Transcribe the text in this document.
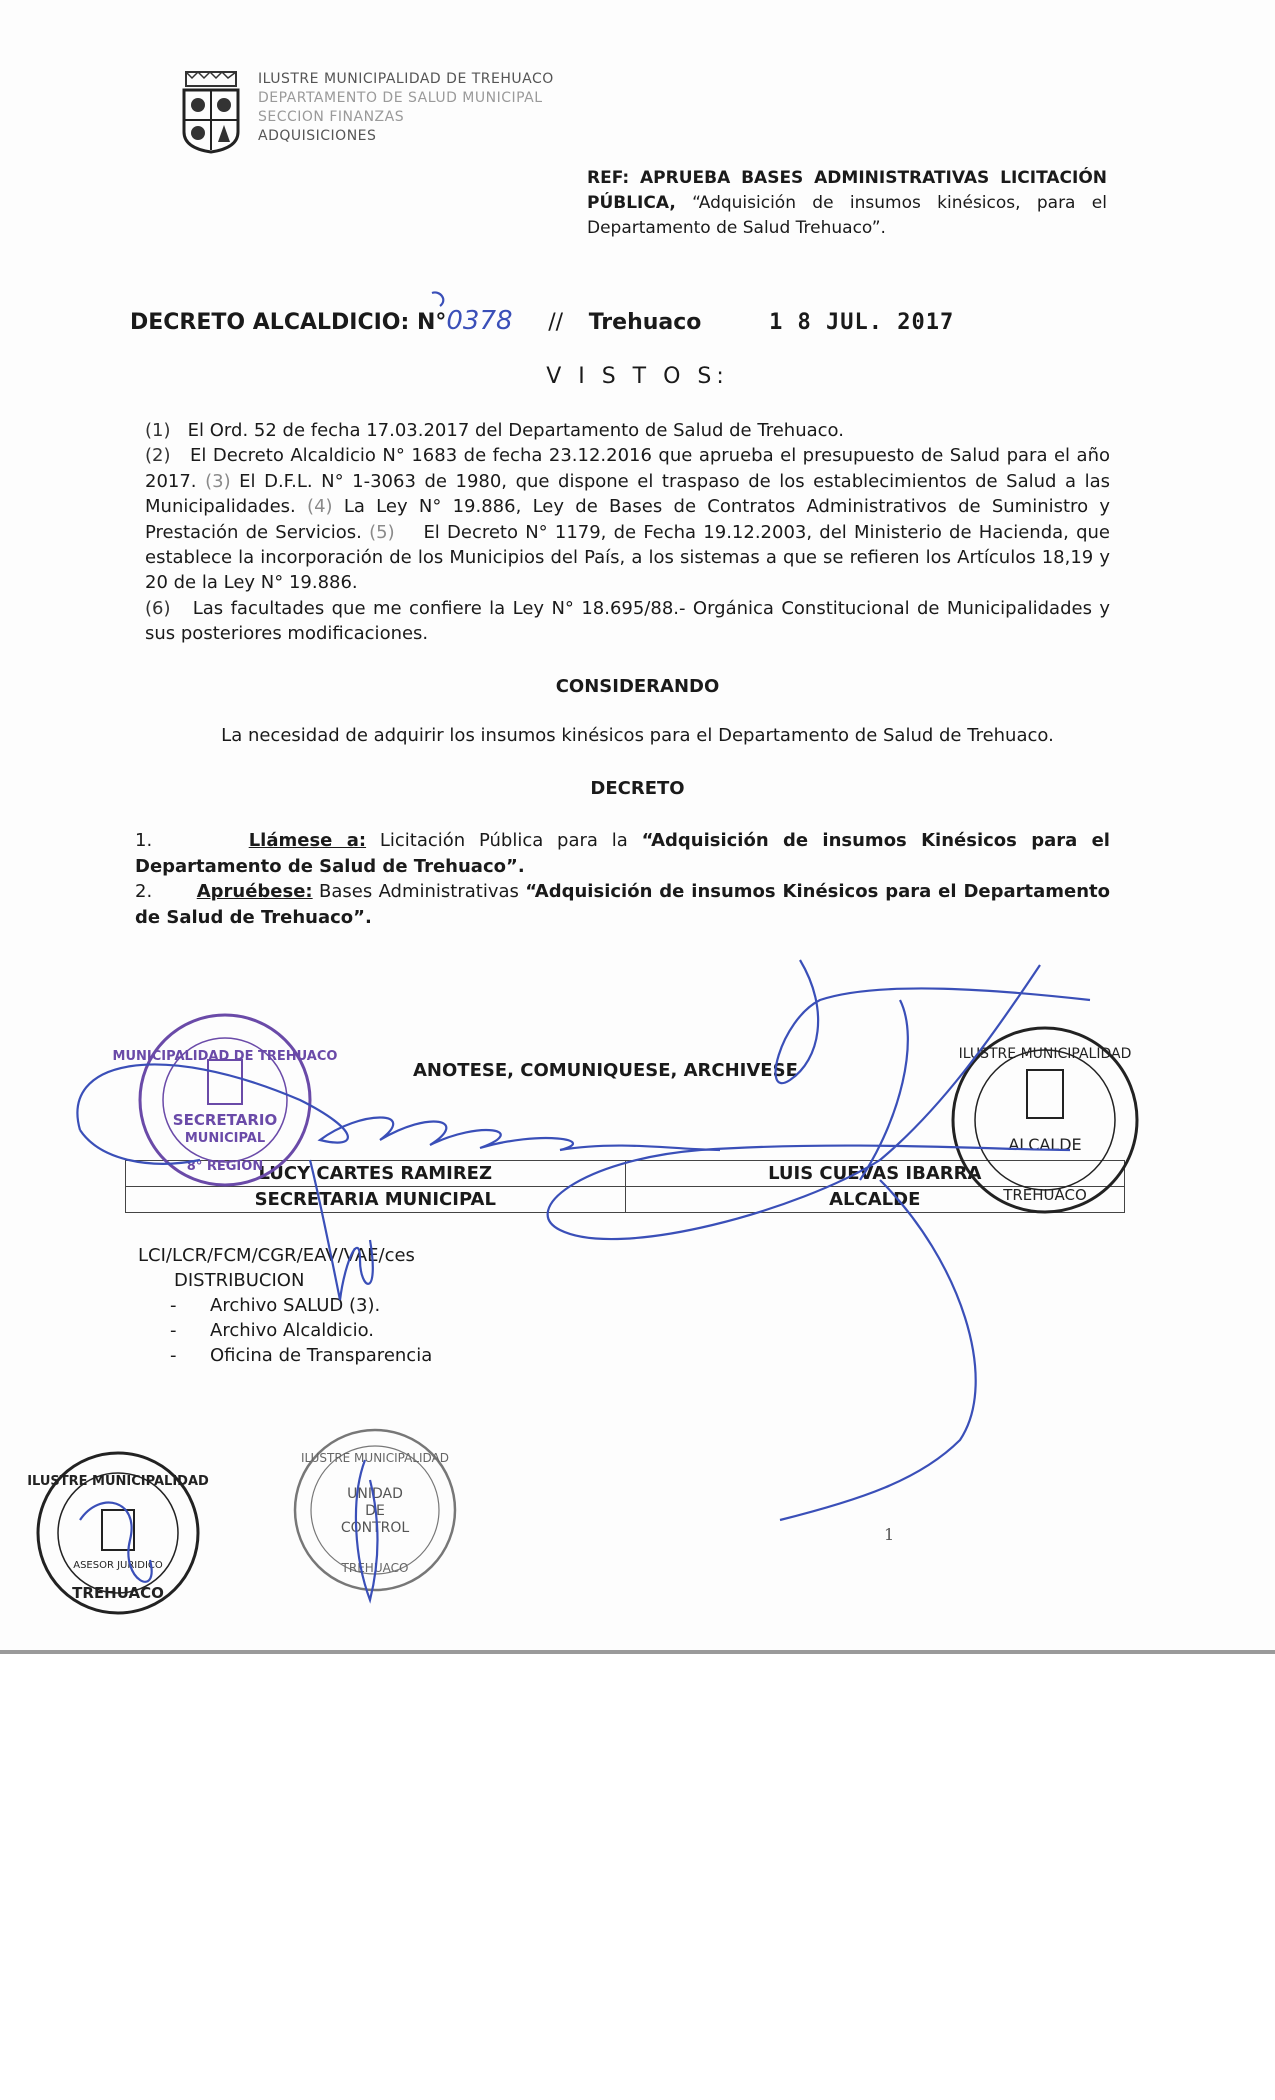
ILUSTRE MUNICIPALIDAD DE TREHUACO
DEPARTAMENTO DE SALUD MUNICIPAL
SECCION FINANZAS
ADQUISICIONES
REF: APRUEBA BASES ADMINISTRATIVAS LICITACIÓN PÚBLICA, “Adquisición de insumos kinésicos, para el Departamento de Salud Trehuaco”.
DECRETO ALCALDICIO: N°0378 // Trehuaco	1 8 JUL. 2017
V I S T O S:
(1) El Ord. 52 de fecha 17.03.2017 del Departamento de Salud de Trehuaco.
(2) El Decreto Alcaldicio N° 1683 de fecha 23.12.2016 que aprueba el presupuesto de Salud para el año 2017. (3) El D.F.L. N° 1-3063 de 1980, que dispone el traspaso de los establecimientos de Salud a las Municipalidades. (4) La Ley N° 19.886, Ley de Bases de Contratos Administrativos de Suministro y Prestación de Servicios. (5) El Decreto N° 1179, de Fecha 19.12.2003, del Ministerio de Hacienda, que establece la incorporación de los Municipios del País, a los sistemas a que se refieren los Artículos 18,19 y 20 de la Ley N° 19.886.
(6) Las facultades que me confiere la Ley N° 18.695/88.- Orgánica Constitucional de Municipalidades y sus posteriores modificaciones.
CONSIDERANDO
La necesidad de adquirir los insumos kinésicos para el Departamento de Salud de Trehuaco.
DECRETO
1.	Llámese a: Licitación Pública para la “Adquisición de insumos Kinésicos para el Departamento de Salud de Trehuaco”.
2. Apruébese: Bases Administrativas “Adquisición de insumos Kinésicos para el Departamento de Salud de Trehuaco”.
ANOTESE, COMUNIQUESE, ARCHIVESE
LUCY CARTES RAMIREZ	LUIS CUEVAS IBARRA
SECRETARIA MUNICIPAL	ALCALDE
LCI/LCR/FCM/CGR/EAV/VAE/ces
DISTRIBUCION
- Archivo SALUD (3).
- Archivo Alcaldicio.
- Oficina de Transparencia
1
SECRETARIO
MUNICIPAL
MUNICIPALIDAD DE TREHUACO
8° REGION
ILUSTRE MUNICIPALIDAD
ALCALDE
TREHUACO
ILUSTRE MUNICIPALIDAD
ASESOR JURIDICO
TREHUACO
ILUSTRE MUNICIPALIDAD
UNIDAD
DE
CONTROL
TREHUACO
